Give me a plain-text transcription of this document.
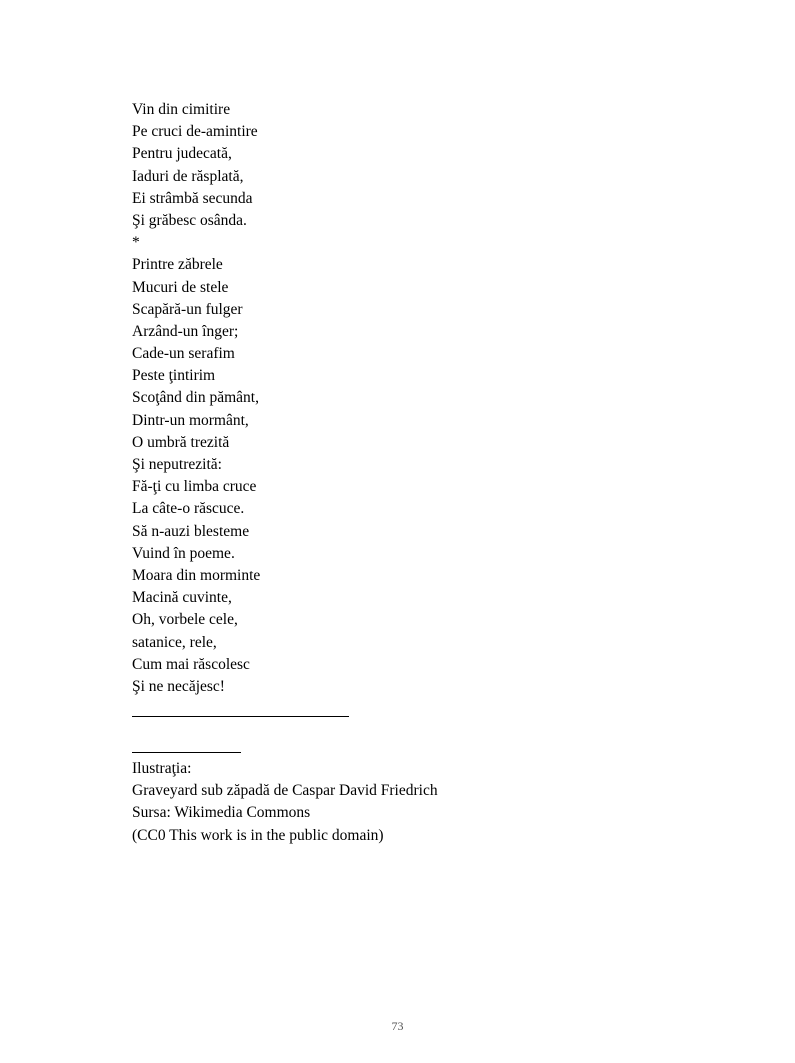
Vin din cimitire
Pe cruci de-amintire
Pentru judecată,
Iaduri de răsplată,
Ei strâmbă secunda
Şi grăbesc osânda.
*
Printre zăbrele
Mucuri de stele
Scapără-un fulger
Arzând-un înger;
Cade-un serafim
Peste ţintirim
Scoţând din pământ,
Dintr-un mormânt,
O umbră trezită
Şi neputrezită:
Fă-ţi cu limba cruce
La câte-o răscuce.
Să n-auzi blesteme
Vuind în poeme.
Moara din morminte
Macină cuvinte,
Oh, vorbele cele,
satanice, rele,
Cum mai răscolesc
Şi ne necăjesc!
Ilustraţia:
Graveyard sub zăpadă de Caspar David Friedrich
Sursa: Wikimedia Commons
(CC0 This work is in the public domain)
73
